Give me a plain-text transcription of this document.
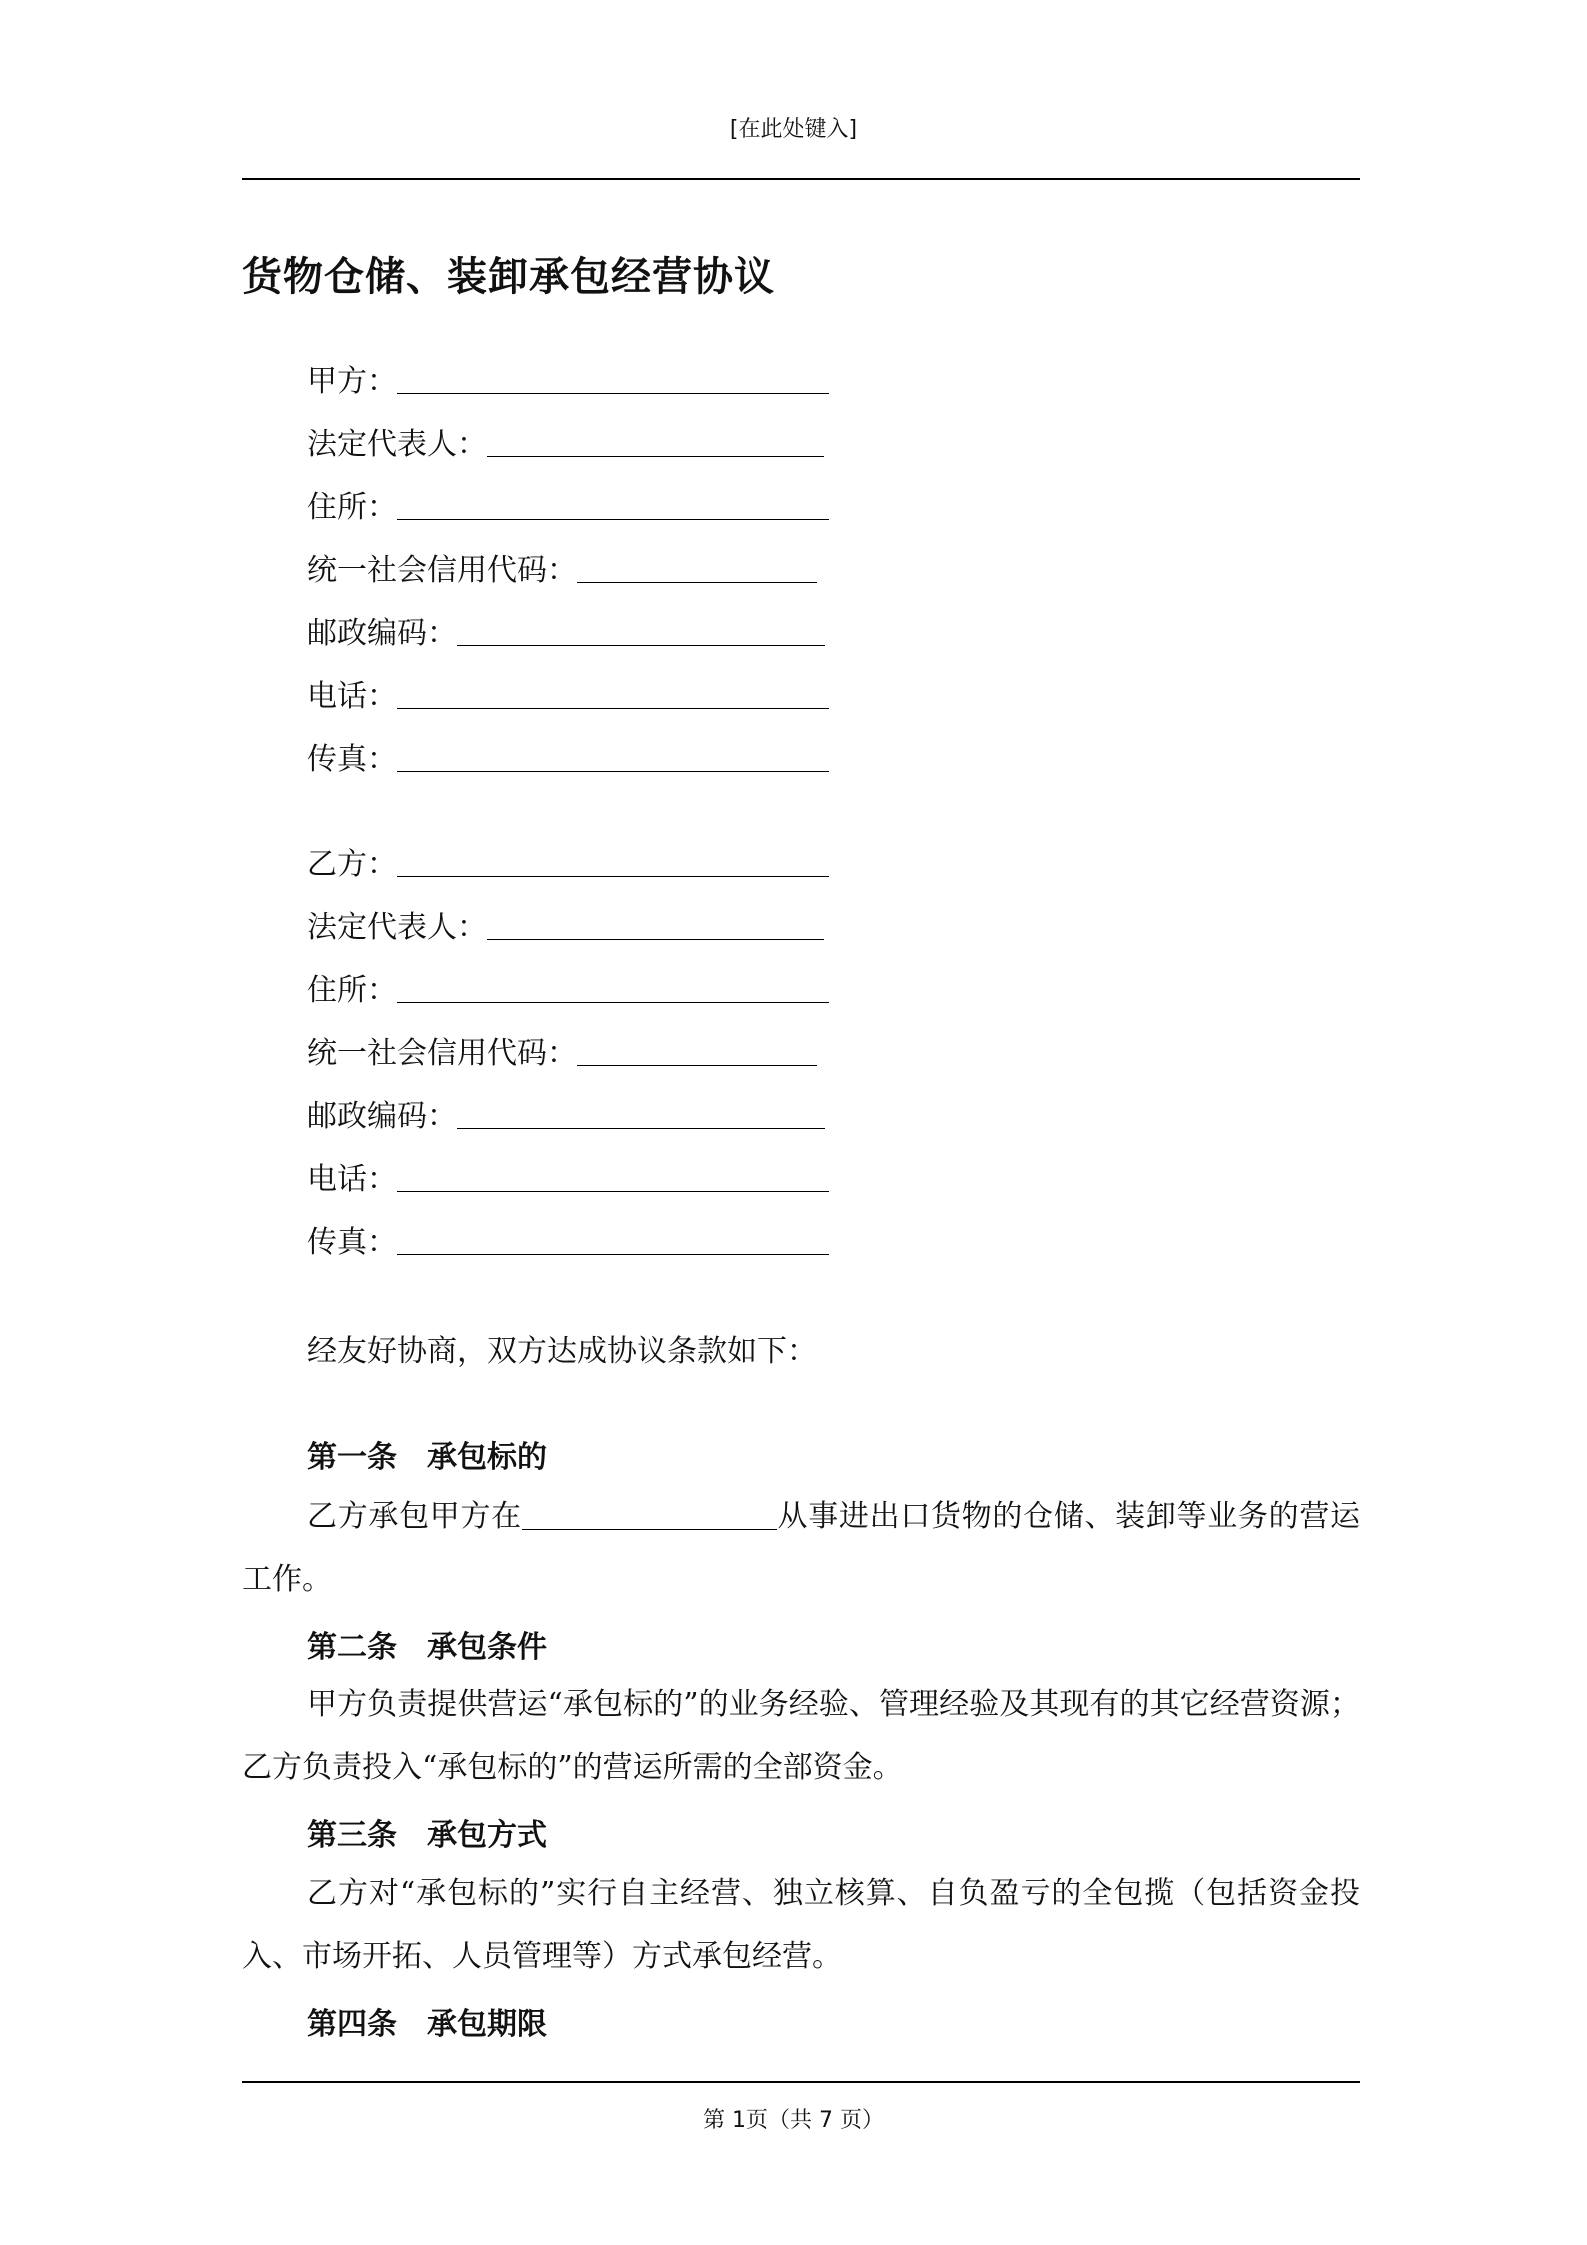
[在此处键入]
货物仓储、装卸承包经营协议
甲方：
法定代表人：
住所：
统一社会信用代码：
邮政编码：
电话：
传真：
乙方：
法定代表人：
住所：
统一社会信用代码：
邮政编码：
电话：
传真：

经友好协商，双方达成协议条款如下：

第一条　承包标的

乙方承包甲方在	从事进出口货物的仓储、装卸等业务的营运工作。

第二条　承包条件

甲方负责提供营运“承包标的”的业务经验、管理经验及其现有的其它经营资源；乙方负责投入“承包标的”的营运所需的全部资金。

第三条　承包方式

乙方对“承包标的”实行自主经营、独立核算、自负盈亏的全包揽（包括资金投入、市场开拓、人员管理等）方式承包经营。

第四条　承包期限
第 1页（共 7 页）
